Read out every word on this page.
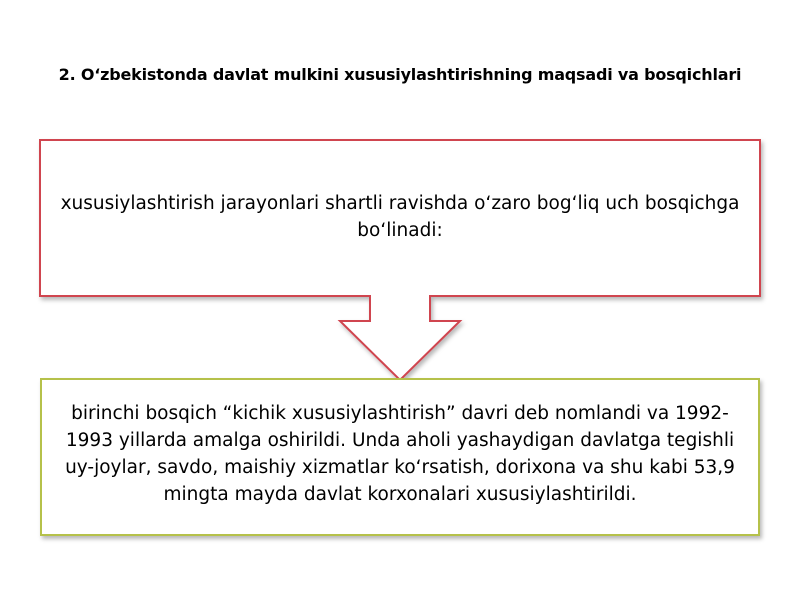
2. O‘zbekistonda davlat mulkini xususiylashtirishning maqsadi va bosqichlari
xususiylashtirish jarayonlari shartli ravishda o‘zaro bog‘liq uch bosqichga bo‘linadi:
birinchi bosqich “kichik xususiylashtirish” davri deb nomlandi va 1992-1993 yillarda amalga oshirildi. Unda aholi yashaydigan davlatga tegishli uy-joylar, savdo, maishiy xizmatlar ko‘rsatish, dorixona va shu kabi 53,9 mingta mayda davlat korxonalari xususiylashtirildi.
